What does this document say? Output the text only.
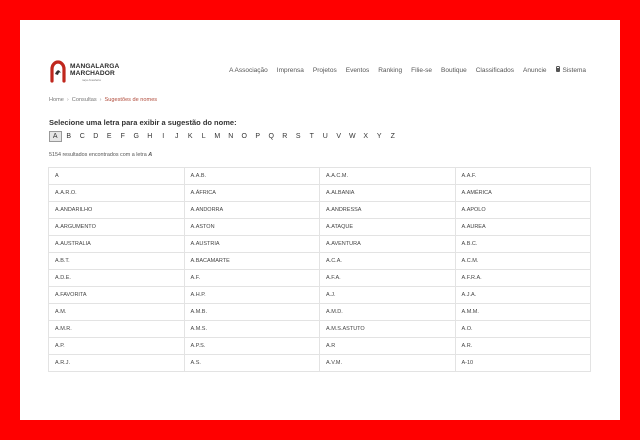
MANGALARGA
MARCHADOR
raça brasileira
A Associação Imprensa Projetos Eventos Ranking Filie-se Boutique Classificados Anuncie	Sistema
Home › Consultas › Sugestões de nomes
Selecione uma letra para exibir a sugestão do nome:
A	B	C	D	E	F	G	H	I	J	K	L	M	N	O	P	Q	R	S	T	U	V	W	X	Y	Z
5154 resultados encontrados com a letra A
A	A.A.B.	A.A.C.M.	A.A.F.
A.A.R.O.	A.ÁFRICA	A.ALBANIA	A.AMÉRICA
A.ANDARILHO	A.ANDORRA	A.ANDRESSA	A.APOLO
A.ARGUMENTO	A.ASTON	A.ATAQUE	A.AUREA
A.AUSTRALIA	A.AUSTRIA	A.AVENTURA	A.B.C.
A.B.T.	A.BACAMARTE	A.C.A.	A.C.M.
A.D.E.	A.F.	A.F.A.	A.F.R.A.
A.FAVORITA	A.H.P.	A.J.	A.J.A.
A.M.	A.M.B.	A.M.D.	A.M.M.
A.M.R.	A.M.S.	A.M.S.ASTUTO	A.O.
A.P.	A.P.S.	A.R	A.R.
A.R.J.	A.S.	A.V.M.	A-10
